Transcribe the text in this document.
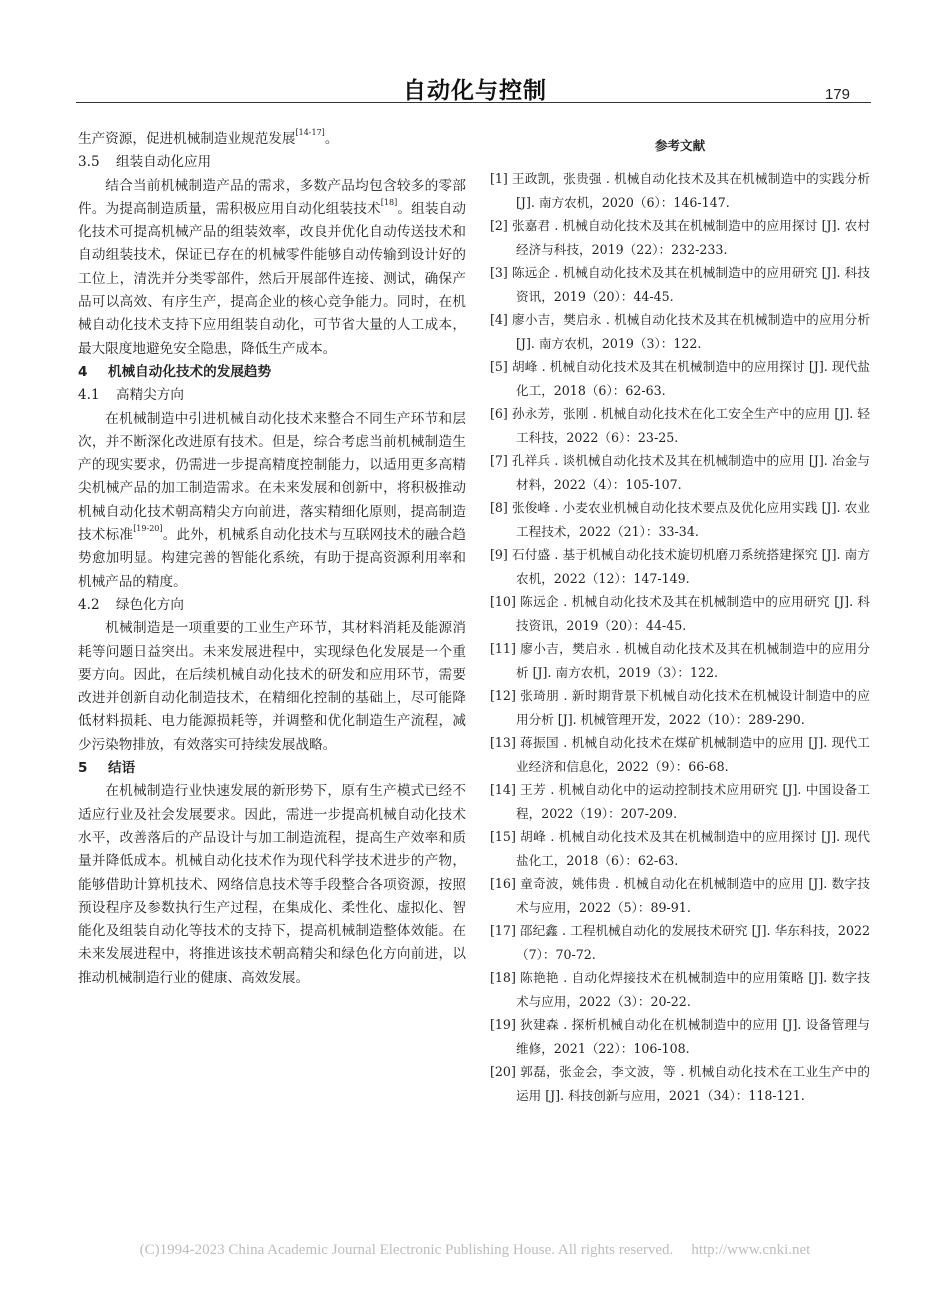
自动化与控制	179

生产资源，促进机械制造业规范发展[14-17]。

3.5 组装自动化应用

结合当前机械制造产品的需求，多数产品均包含较多的零部件。为提高制造质量，需积极应用自动化组装技术[18]。组装自动化技术可提高机械产品的组装效率，改良并优化自动传送技术和自动组装技术，保证已存在的机械零件能够自动传输到设计好的工位上，清洗并分类零部件，然后开展部件连接、测试，确保产品可以高效、有序生产，提高企业的核心竞争能力。同时，在机械自动化技术支持下应用组装自动化，可节省大量的人工成本，最大限度地避免安全隐患，降低生产成本。

4 机械自动化技术的发展趋势

4.1 高精尖方向

在机械制造中引进机械自动化技术来整合不同生产环节和层次，并不断深化改进原有技术。但是，综合考虑当前机械制造生产的现实要求，仍需进一步提高精度控制能力，以适用更多高精尖机械产品的加工制造需求。在未来发展和创新中，将积极推动机械自动化技术朝高精尖方向前进，落实精细化原则，提高制造技术标准[19-20]。此外，机械系自动化技术与互联网技术的融合趋势愈加明显。构建完善的智能化系统，有助于提高资源利用率和机械产品的精度。

4.2 绿色化方向

机械制造是一项重要的工业生产环节，其材料消耗及能源消耗等问题日益突出。未来发展进程中，实现绿色化发展是一个重要方向。因此，在后续机械自动化技术的研发和应用环节，需要改进并创新自动化制造技术，在精细化控制的基础上，尽可能降低材料损耗、电力能源损耗等，并调整和优化制造生产流程，减少污染物排放，有效落实可持续发展战略。

5 结语

在机械制造行业快速发展的新形势下，原有生产模式已经不适应行业及社会发展要求。因此，需进一步提高机械自动化技术水平，改善落后的产品设计与加工制造流程，提高生产效率和质量并降低成本。机械自动化技术作为现代科学技术进步的产物，能够借助计算机技术、网络信息技术等手段整合各项资源，按照预设程序及参数执行生产过程，在集成化、柔性化、虚拟化、智能化及组装自动化等技术的支持下，提高机械制造整体效能。在未来发展进程中，将推进该技术朝高精尖和绿色化方向前进，以推动机械制造行业的健康、高效发展。

参考文献

[1] 王政凯，张贵强 . 机械自动化技术及其在机械制造中的实践分析 [J]. 南方农机，2020（6）：146-147.

[2] 张嘉君 . 机械自动化技术及其在机械制造中的应用探讨 [J]. 农村经济与科技，2019（22）：232-233.

[3] 陈远企 . 机械自动化技术及其在机械制造中的应用研究 [J]. 科技资讯，2019（20）：44-45.

[4] 廖小吉，樊启永 . 机械自动化技术及其在机械制造中的应用分析 [J]. 南方农机，2019（3）：122.

[5] 胡峰 . 机械自动化技术及其在机械制造中的应用探讨 [J]. 现代盐化工，2018（6）：62-63.

[6] 孙永芳，张刚 . 机械自动化技术在化工安全生产中的应用 [J]. 轻工科技，2022（6）：23-25.

[7] 孔祥兵 . 谈机械自动化技术及其在机械制造中的应用 [J]. 冶金与材料，2022（4）：105-107.

[8] 张俊峰 . 小麦农业机械自动化技术要点及优化应用实践 [J]. 农业工程技术，2022（21）：33-34.

[9] 石付盛 . 基于机械自动化技术旋切机磨刀系统搭建探究 [J]. 南方农机，2022（12）：147-149.

[10] 陈远企 . 机械自动化技术及其在机械制造中的应用研究 [J]. 科技资讯，2019（20）：44-45.

[11] 廖小吉，樊启永 . 机械自动化技术及其在机械制造中的应用分析 [J]. 南方农机，2019（3）：122.

[12] 张琦朋 . 新时期背景下机械自动化技术在机械设计制造中的应用分析 [J]. 机械管理开发，2022（10）：289-290.

[13] 蒋振国 . 机械自动化技术在煤矿机械制造中的应用 [J]. 现代工业经济和信息化，2022（9）：66-68.

[14] 王芳 . 机械自动化中的运动控制技术应用研究 [J]. 中国设备工程，2022（19）：207-209.

[15] 胡峰 . 机械自动化技术及其在机械制造中的应用探讨 [J]. 现代盐化工，2018（6）：62-63.

[16] 童奇波，姚伟贵 . 机械自动化在机械制造中的应用 [J]. 数字技术与应用，2022（5）：89-91.

[17] 邵纪鑫 . 工程机械自动化的发展技术研究 [J]. 华东科技，2022（7）：70-72.

[18] 陈艳艳 . 自动化焊接技术在机械制造中的应用策略 [J]. 数字技术与应用，2022（3）：20-22.

[19] 狄建森 . 探析机械自动化在机械制造中的应用 [J]. 设备管理与维修，2021（22）：106-108.

[20] 郭磊，张金会，李文波，等 . 机械自动化技术在工业生产中的运用 [J]. 科技创新与应用，2021（34）：118-121.

(C)1994-2023 China Academic Journal Electronic Publishing House. All rights reserved. http://www.cnki.net
